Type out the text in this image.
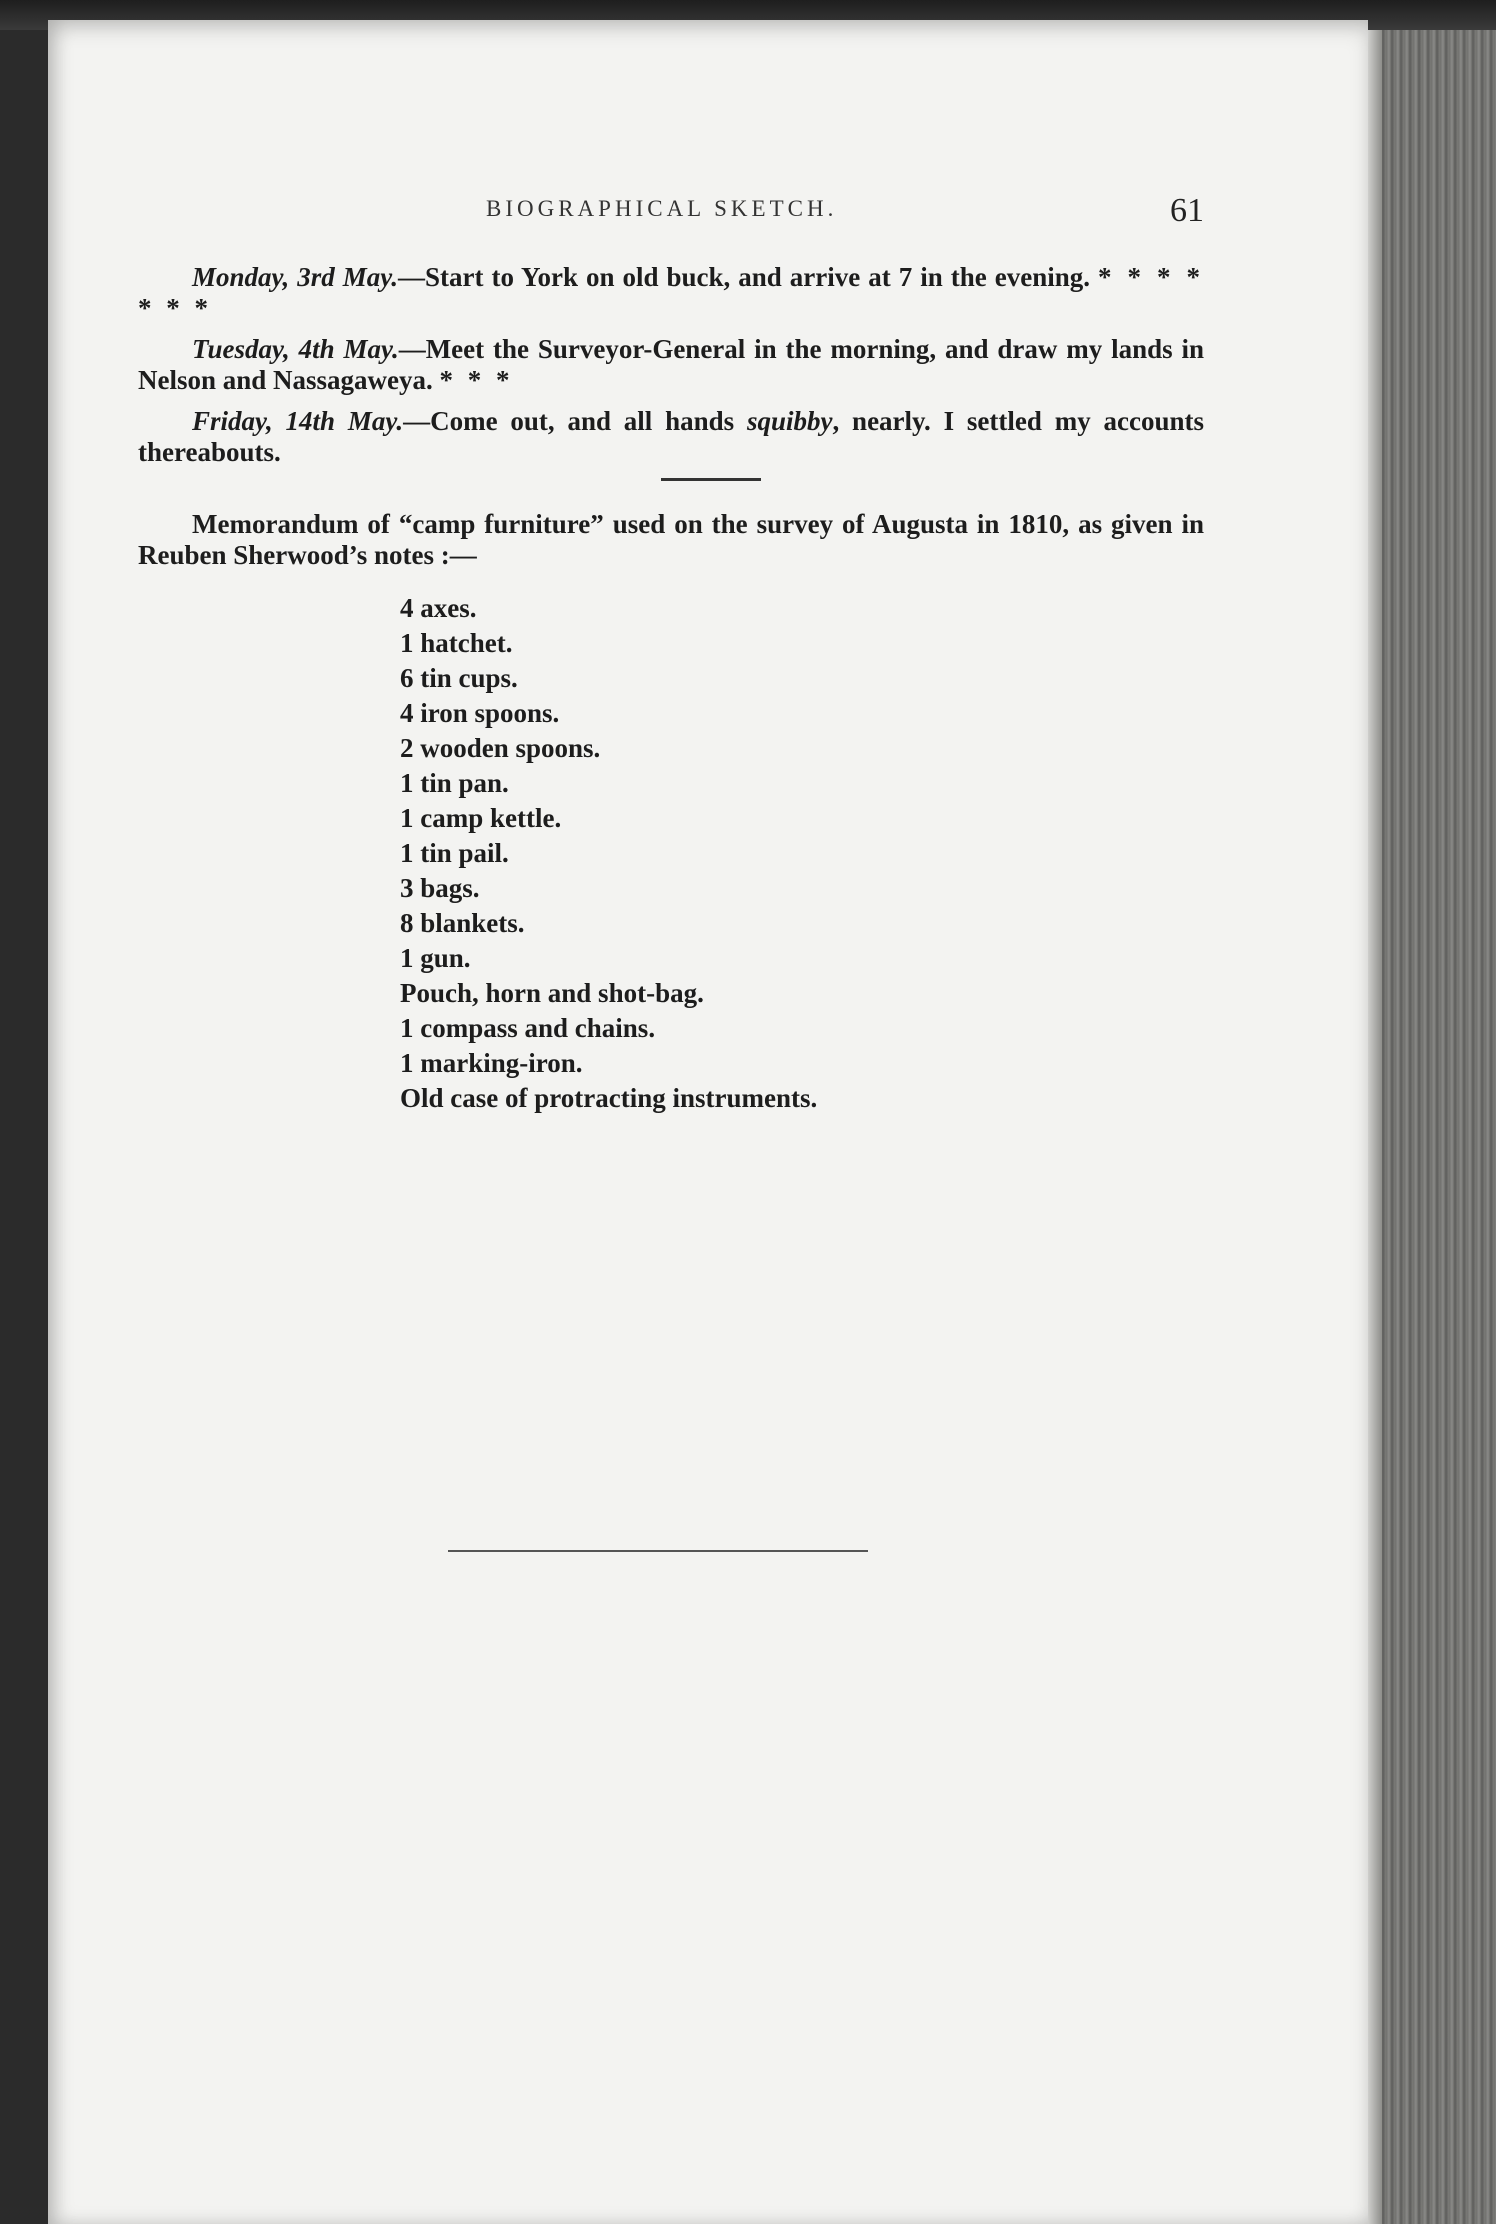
BIOGRAPHICAL SKETCH.	61

Monday, 3rd May.—Start to York on old buck, and arrive at 7 in the evening. * * * * * * *

Tuesday, 4th May.—Meet the Surveyor-General in the morning, and draw my lands in Nelson and Nassagaweya. * * *

Friday, 14th May.—Come out, and all hands squibby, nearly. I settled my accounts thereabouts.

Memorandum of “camp furniture” used on the survey of Augusta in 1810, as given in Reuben Sherwood’s notes :—

4 axes.
1 hatchet.
6 tin cups.
4 iron spoons.
2 wooden spoons.
1 tin pan.
1 camp kettle.
1 tin pail.
3 bags.
8 blankets.
1 gun.
Pouch, horn and shot-bag.
1 compass and chains.
1 marking-iron.
Old case of protracting instruments.
